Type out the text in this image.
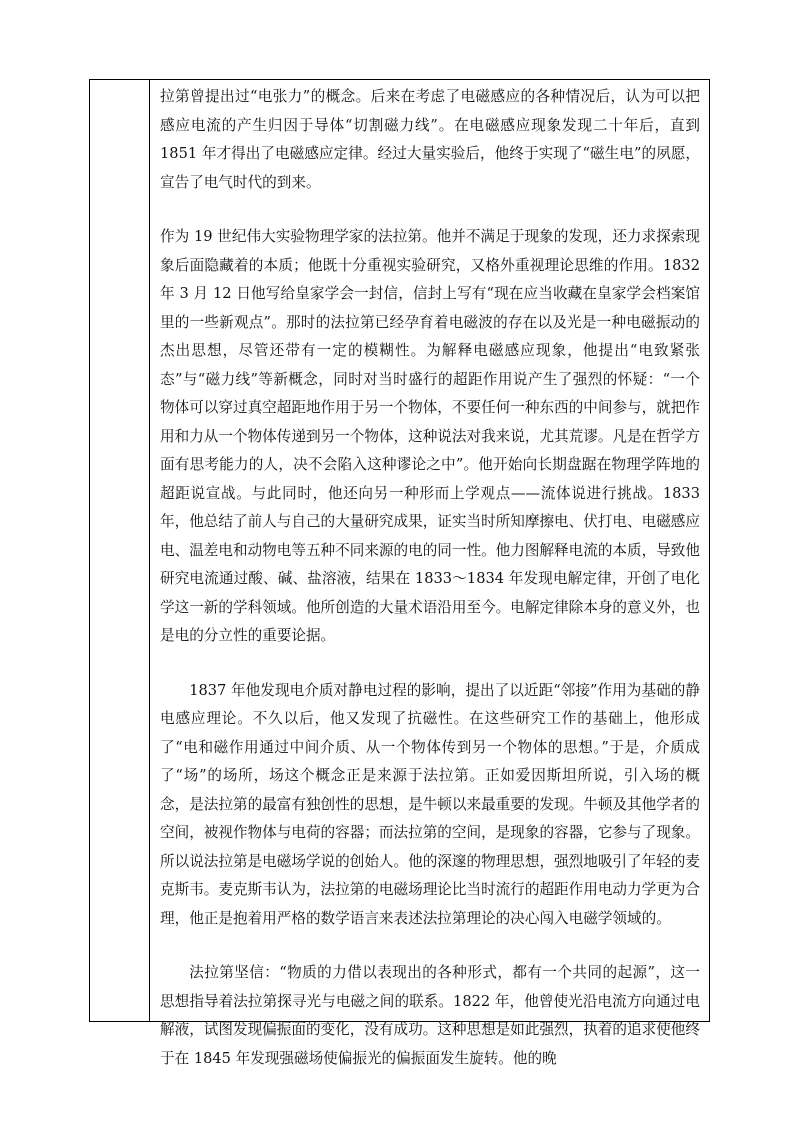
拉第曾提出过“电张力”的概念。后来在考虑了电磁感应的各种情况后，认为可以把感应电流的产生归因于导体“切割磁力线”。在电磁感应现象发现二十年后，直到 1851 年才得出了电磁感应定律。经过大量实验后，他终于实现了“磁生电”的夙愿，宣告了电气时代的到来。

作为 19 世纪伟大实验物理学家的法拉第。他并不满足于现象的发现，还力求探索现象后面隐藏着的本质；他既十分重视实验研究，又格外重视理论思维的作用。1832 年 3 月 12 日他写给皇家学会一封信，信封上写有“现在应当收藏在皇家学会档案馆里的一些新观点”。那时的法拉第已经孕育着电磁波的存在以及光是一种电磁振动的杰出思想，尽管还带有一定的模糊性。为解释电磁感应现象，他提出“电致紧张态”与“磁力线”等新概念，同时对当时盛行的超距作用说产生了强烈的怀疑：“一个物体可以穿过真空超距地作用于另一个物体，不要任何一种东西的中间参与，就把作用和力从一个物体传递到另一个物体，这种说法对我来说，尤其荒谬。凡是在哲学方面有思考能力的人，决不会陷入这种谬论之中”。他开始向长期盘踞在物理学阵地的超距说宣战。与此同时，他还向另一种形而上学观点——流体说进行挑战。1833 年，他总结了前人与自己的大量研究成果，证实当时所知摩擦电、伏打电、电磁感应电、温差电和动物电等五种不同来源的电的同一性。他力图解释电流的本质，导致他研究电流通过酸、碱、盐溶液，结果在 1833～1834 年发现电解定律，开创了电化学这一新的学科领域。他所创造的大量术语沿用至今。电解定律除本身的意义外，也是电的分立性的重要论据。

1837 年他发现电介质对静电过程的影响，提出了以近距“邻接”作用为基础的静电感应理论。不久以后，他又发现了抗磁性。在这些研究工作的基础上，他形成了“电和磁作用通过中间介质、从一个物体传到另一个物体的思想。”于是，介质成了“场”的场所，场这个概念正是来源于法拉第。正如爱因斯坦所说，引入场的概念，是法拉第的最富有独创性的思想，是牛顿以来最重要的发现。牛顿及其他学者的空间，被视作物体与电荷的容器；而法拉第的空间，是现象的容器，它参与了现象。所以说法拉第是电磁场学说的创始人。他的深邃的物理思想，强烈地吸引了年轻的麦克斯韦。麦克斯韦认为，法拉第的电磁场理论比当时流行的超距作用电动力学更为合理，他正是抱着用严格的数学语言来表述法拉第理论的决心闯入电磁学领域的。

法拉第坚信：“物质的力借以表现出的各种形式，都有一个共同的起源”，这一思想指导着法拉第探寻光与电磁之间的联系。1822 年，他曾使光沿电流方向通过电解液，试图发现偏振面的变化，没有成功。这种思想是如此强烈，执着的追求使他终于在 1845 年发现强磁场使偏振光的偏振面发生旋转。他的晚
